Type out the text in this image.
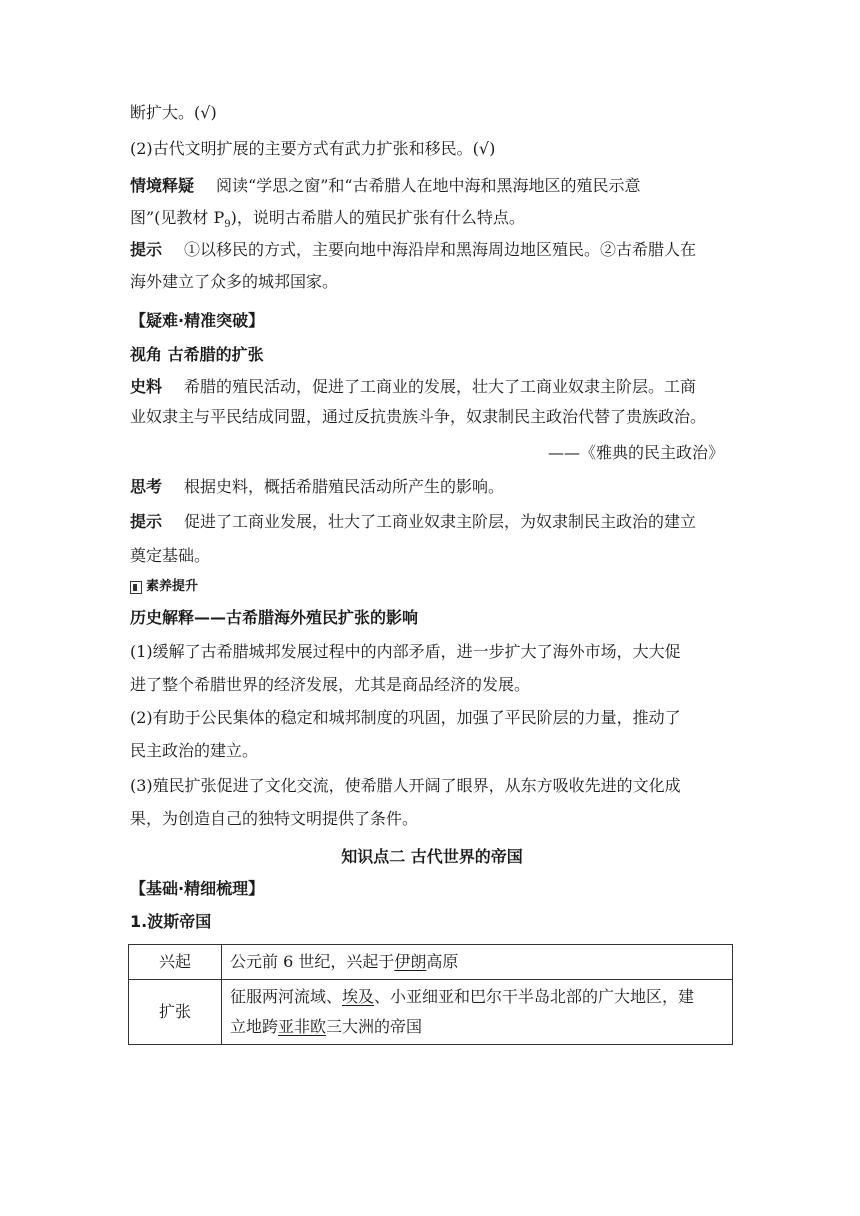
断扩大。(√)
(2)古代文明扩展的主要方式有武力扩张和移民。(√)
情境释疑 阅读“学思之窗”和“古希腊人在地中海和黑海地区的殖民示意
图”(见教材 $P_9$)，说明古希腊人的殖民扩张有什么特点。
提示 ①以移民的方式，主要向地中海沿岸和黑海周边地区殖民。②古希腊人在
海外建立了众多的城邦国家。
【疑难·精准突破】
视角 古希腊的扩张
史料 希腊的殖民活动，促进了工商业的发展，壮大了工商业奴隶主阶层。工商
业奴隶主与平民结成同盟，通过反抗贵族斗争，奴隶制民主政治代替了贵族政治。
——《雅典的民主政治》
思考 根据史料，概括希腊殖民活动所产生的影响。
提示 促进了工商业发展，壮大了工商业奴隶主阶层，为奴隶制民主政治的建立
奠定基础。
素养提升
历史解释——古希腊海外殖民扩张的影响
(1)缓解了古希腊城邦发展过程中的内部矛盾，进一步扩大了海外市场，大大促
进了整个希腊世界的经济发展，尤其是商品经济的发展。
(2)有助于公民集体的稳定和城邦制度的巩固，加强了平民阶层的力量，推动了
民主政治的建立。
(3)殖民扩张促进了文化交流，使希腊人开阔了眼界，从东方吸收先进的文化成
果，为创造自己的独特文明提供了条件。
知识点二 古代世界的帝国
【基础·精细梳理】
1.波斯帝国
兴起	公元前 6 世纪，兴起于伊朗高原
扩张	征服两河流域、埃及、小亚细亚和巴尔干半岛北部的广大地区，建
立地跨亚非欧三大洲的帝国
